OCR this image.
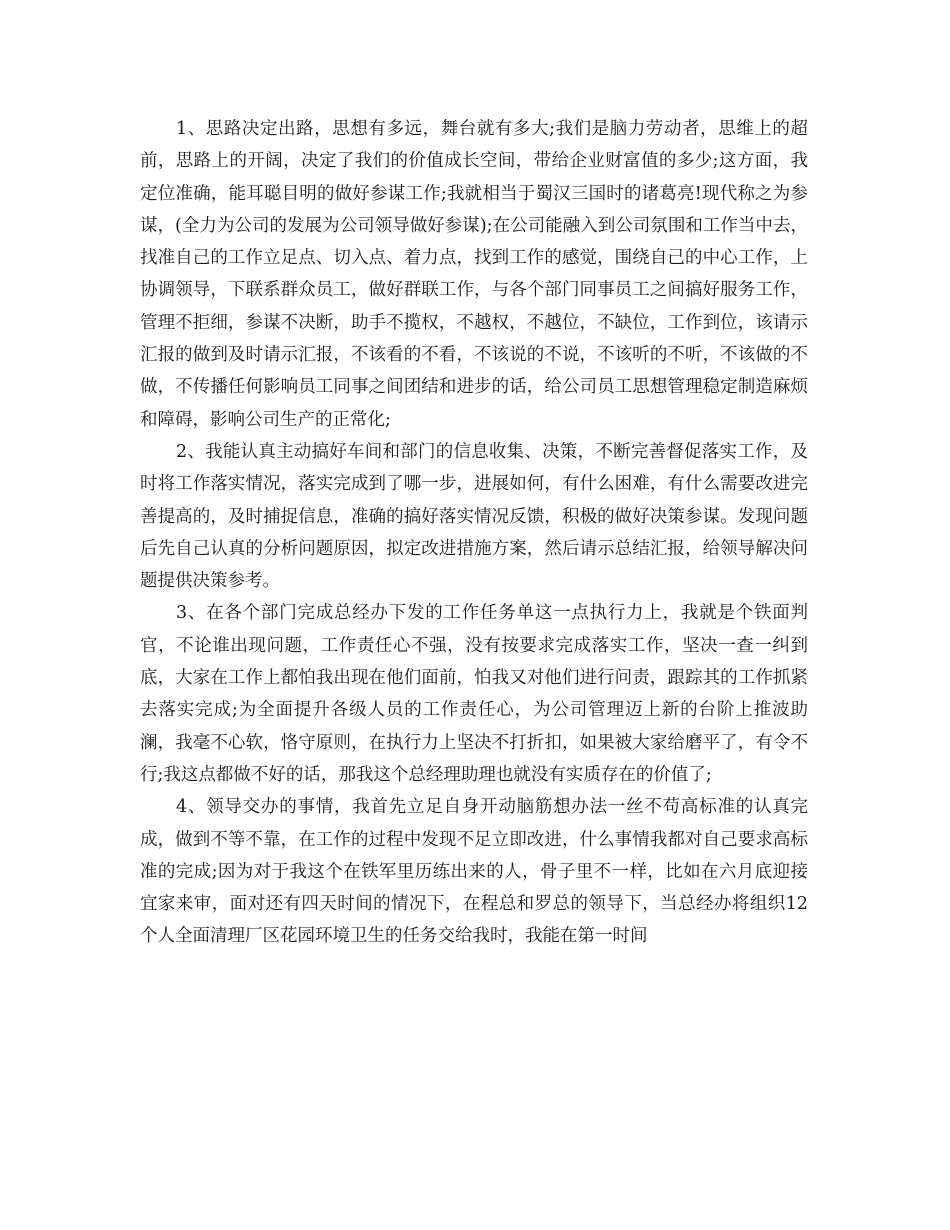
1、思路决定出路，思想有多远，舞台就有多大;我们是脑力劳动者，思维上的超前，思路上的开阔，决定了我们的价值成长空间，带给企业财富值的多少;这方面，我定位准确，能耳聪目明的做好参谋工作;我就相当于蜀汉三国时的诸葛亮!现代称之为参谋，(全力为公司的发展为公司领导做好参谋);在公司能融入到公司氛围和工作当中去，找准自己的工作立足点、切入点、着力点，找到工作的感觉，围绕自己的中心工作，上协调领导，下联系群众员工，做好群联工作，与各个部门同事员工之间搞好服务工作，管理不拒细，参谋不决断，助手不揽权，不越权，不越位，不缺位，工作到位，该请示汇报的做到及时请示汇报，不该看的不看，不该说的不说，不该听的不听，不该做的不做，不传播任何影响员工同事之间团结和进步的话，给公司员工思想管理稳定制造麻烦和障碍，影响公司生产的正常化;

2、我能认真主动搞好车间和部门的信息收集、决策，不断完善督促落实工作，及时将工作落实情况，落实完成到了哪一步，进展如何，有什么困难，有什么需要改进完善提高的，及时捕捉信息，准确的搞好落实情况反馈，积极的做好决策参谋。发现问题后先自己认真的分析问题原因，拟定改进措施方案，然后请示总结汇报，给领导解决问题提供决策参考。

3、在各个部门完成总经办下发的工作任务单这一点执行力上，我就是个铁面判官，不论谁出现问题，工作责任心不强，没有按要求完成落实工作，坚决一查一纠到底，大家在工作上都怕我出现在他们面前，怕我又对他们进行问责，跟踪其的工作抓紧去落实完成;为全面提升各级人员的工作责任心，为公司管理迈上新的台阶上推波助澜，我毫不心软，恪守原则，在执行力上坚决不打折扣，如果被大家给磨平了，有令不行;我这点都做不好的话，那我这个总经理助理也就没有实质存在的价值了;

4、领导交办的事情，我首先立足自身开动脑筋想办法一丝不苟高标准的认真完成，做到不等不靠，在工作的过程中发现不足立即改进，什么事情我都对自己要求高标准的完成;因为对于我这个在铁军里历练出来的人，骨子里不一样，比如在六月底迎接宜家来审，面对还有四天时间的情况下，在程总和罗总的领导下，当总经办将组织12个人全面清理厂区花园环境卫生的任务交给我时，我能在第一时间
